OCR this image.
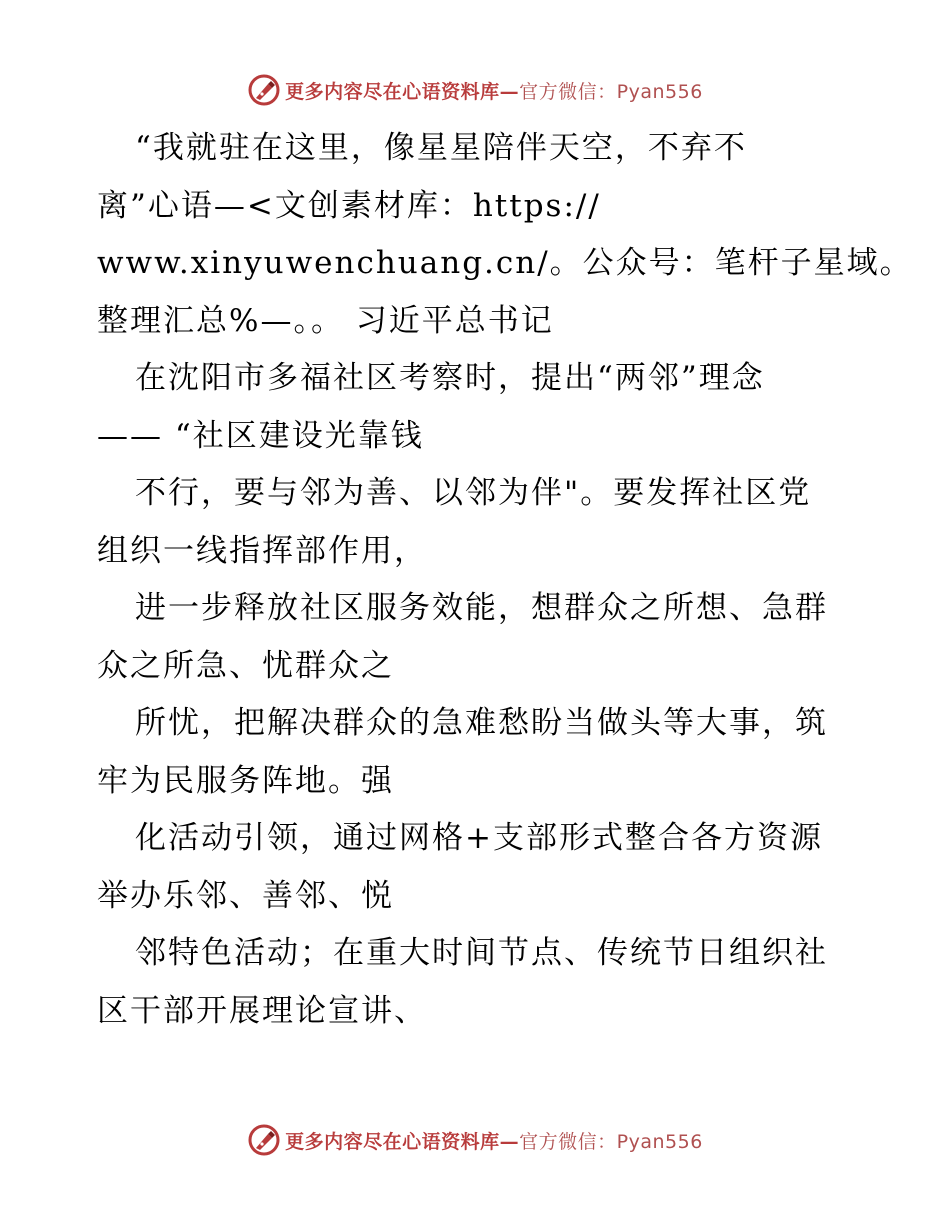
更多内容尽在心语资料库—官方微信：Pyan556
“我就驻在这里，像星星陪伴天空，不弃不
离”心语—<文创素材库：https://
www.xinyuwenchuang.cn/。公众号：笔杆子星域。
整理汇总%—。。 习近平总书记
在沈阳市多福社区考察时，提出“两邻”理念
—— “社区建设光靠钱
不行，要与邻为善、以邻为伴"。要发挥社区党
组织一线指挥部作用，
进一步释放社区服务效能，想群众之所想、急群
众之所急、忧群众之
所忧，把解决群众的急难愁盼当做头等大事，筑
牢为民服务阵地。强
化活动引领，通过网格+支部形式整合各方资源
举办乐邻、善邻、悦
邻特色活动；在重大时间节点、传统节日组织社
区干部开展理论宣讲、
更多内容尽在心语资料库—官方微信：Pyan556
